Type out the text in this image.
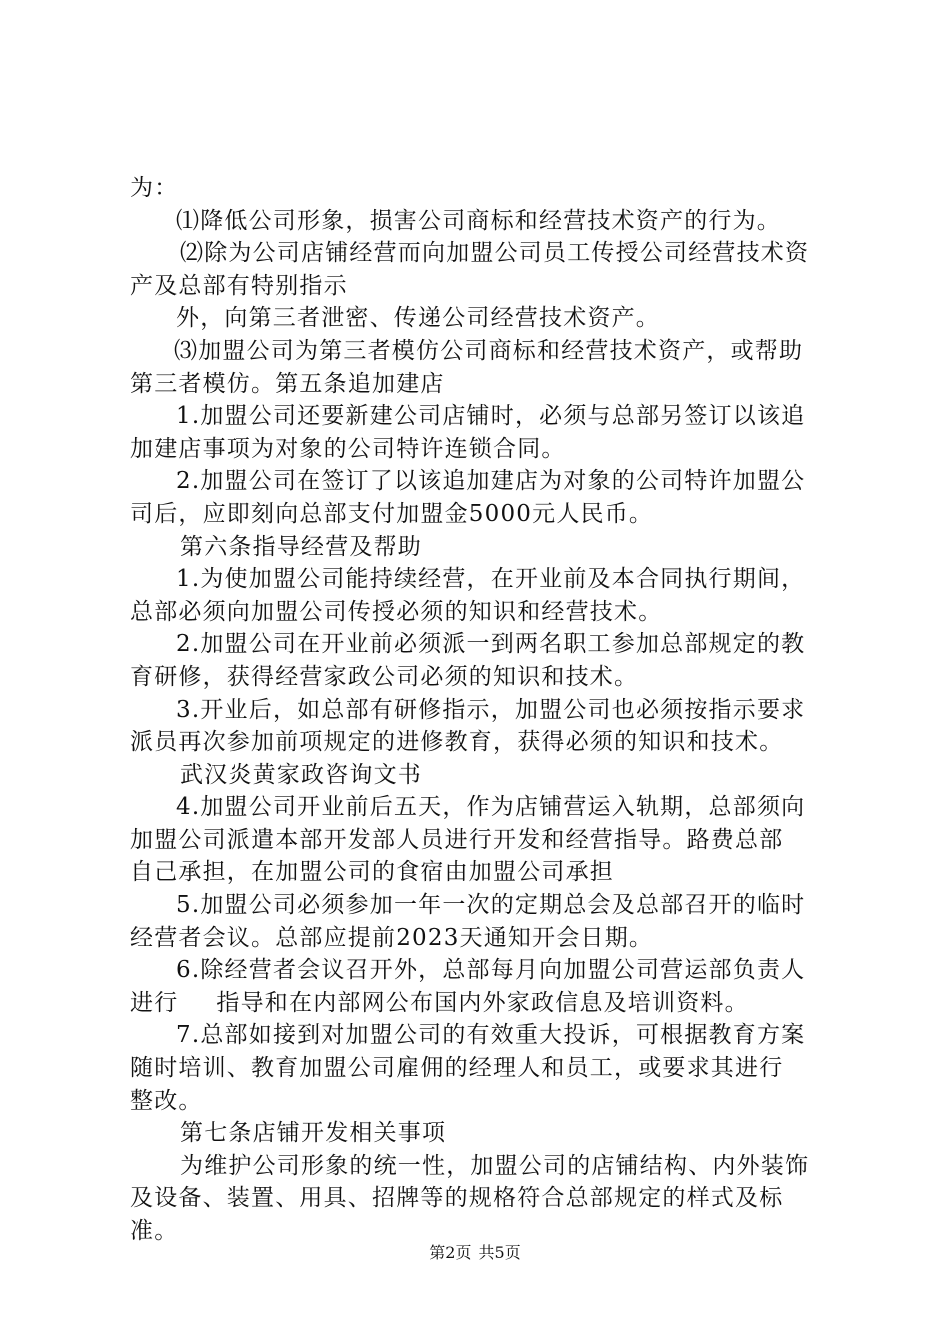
为：
⑴降低公司形象，损害公司商标和经营技术资产的行为。
⑵除为公司店铺经营而向加盟公司员工传授公司经营技术资
产及总部有特别指示
外，向第三者泄密、传递公司经营技术资产。
⑶加盟公司为第三者模仿公司商标和经营技术资产，或帮助
第三者模仿。第五条追加建店
1.加盟公司还要新建公司店铺时，必须与总部另签订以该追
加建店事项为对象的公司特许连锁合同。
2.加盟公司在签订了以该追加建店为对象的公司特许加盟公
司后，应即刻向总部支付加盟金5000元人民币。
第六条指导经营及帮助
1.为使加盟公司能持续经营，在开业前及本合同执行期间，
总部必须向加盟公司传授必须的知识和经营技术。
2.加盟公司在开业前必须派一到两名职工参加总部规定的教
育研修，获得经营家政公司必须的知识和技术。
3.开业后，如总部有研修指示，加盟公司也必须按指示要求
派员再次参加前项规定的进修教育，获得必须的知识和技术。
武汉炎黄家政咨询文书
4.加盟公司开业前后五天，作为店铺营运入轨期，总部须向
加盟公司派遣本部开发部人员进行开发和经营指导。路费总部
自己承担，在加盟公司的食宿由加盟公司承担
5.加盟公司必须参加一年一次的定期总会及总部召开的临时
经营者会议。总部应提前2023天通知开会日期。
6.除经营者会议召开外，总部每月向加盟公司营运部负责人
进行 指导和在内部网公布国内外家政信息及培训资料。
7.总部如接到对加盟公司的有效重大投诉，可根据教育方案
随时培训、教育加盟公司雇佣的经理人和员工，或要求其进行
整改。
第七条店铺开发相关事项
为维护公司形象的统一性，加盟公司的店铺结构、内外装饰
及设备、装置、用具、招牌等的规格符合总部规定的样式及标
准。
第2页 共5页
